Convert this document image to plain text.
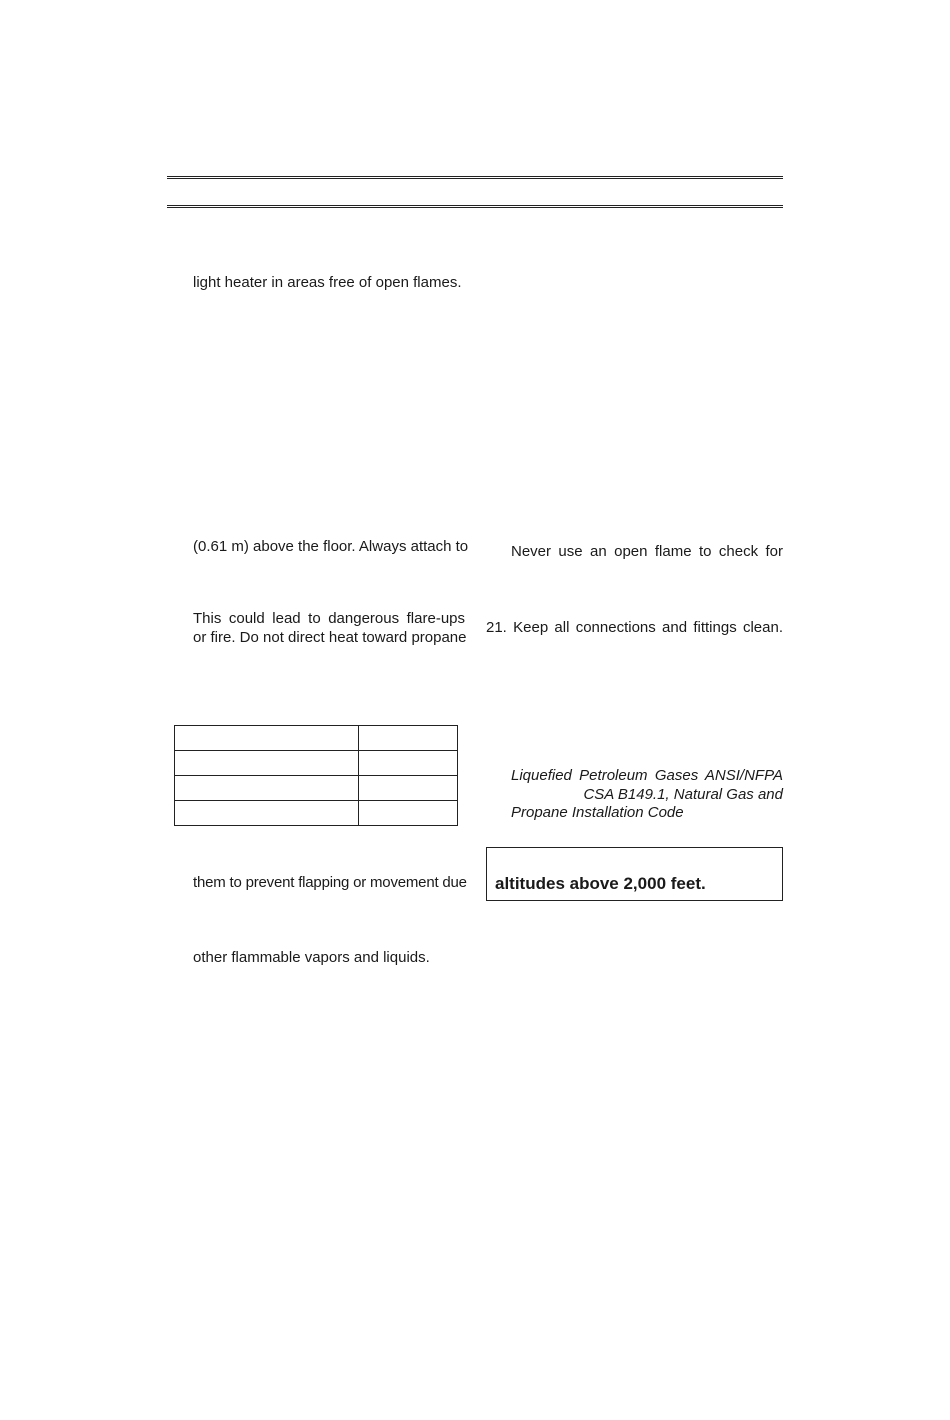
light heater in areas free of open flames.
(0.61 m) above the floor. Always attach to
This could lead to dangerous flare-ups
or fire. Do not direct heat toward propane

them to prevent flapping or movement due
other flammable vapors and liquids.
Never use an open flame to check for
21. Keep all connections and fittings clean.
Liquefied Petroleum Gases ANSI/NFPA
CSA B149.1, Natural Gas and
Propane Installation Code
altitudes above 2,000 feet.
